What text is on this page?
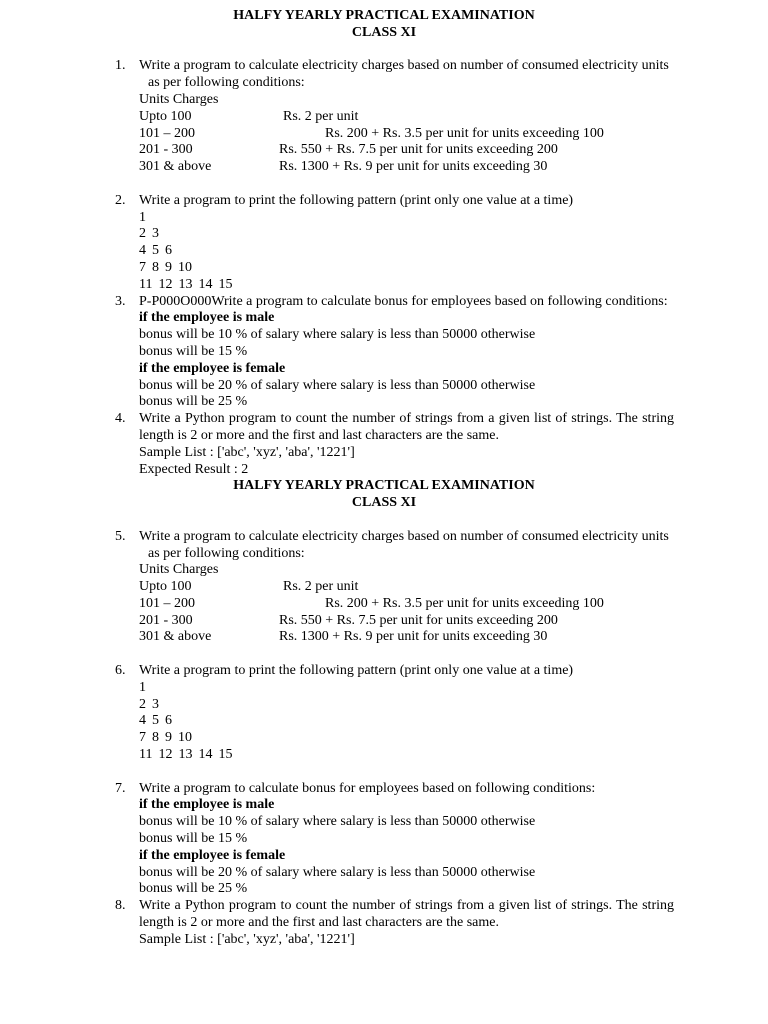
HALFY YEARLY PRACTICAL EXAMINATION
CLASS XI
1. Write a program to calculate electricity charges based on number of consumed electricity units
as per following conditions:
Units Charges
Upto 100	Rs. 2 per unit
101 – 200	Rs. 200 + Rs. 3.5 per unit for units exceeding 100
201 - 300	Rs. 550 + Rs. 7.5 per unit for units exceeding 200
301 & above	Rs. 1300 + Rs. 9 per unit for units exceeding 30
2. Write a program to print the following pattern (print only one value at a time)
1
2 3
4 5 6
7 8 9 10
11 12 13 14 15
3. P-P000O000Write a program to calculate bonus for employees based on following conditions:
if the employee is male
bonus will be 10 % of salary where salary is less than 50000 otherwise
bonus will be 15 %
if the employee is female
bonus will be 20 % of salary where salary is less than 50000 otherwise
bonus will be 25 %
4. Write a Python program to count the number of strings from a given list of strings. The string length is 2 or more and the first and last characters are the same.
Sample List : ['abc', 'xyz', 'aba', '1221']
Expected Result : 2
HALFY YEARLY PRACTICAL EXAMINATION
CLASS XI
5. Write a program to calculate electricity charges based on number of consumed electricity units
as per following conditions:
Units Charges
Upto 100	Rs. 2 per unit
101 – 200	Rs. 200 + Rs. 3.5 per unit for units exceeding 100
201 - 300	Rs. 550 + Rs. 7.5 per unit for units exceeding 200
301 & above	Rs. 1300 + Rs. 9 per unit for units exceeding 30
6. Write a program to print the following pattern (print only one value at a time)
1
2 3
4 5 6
7 8 9 10
11 12 13 14 15
7. Write a program to calculate bonus for employees based on following conditions:
if the employee is male
bonus will be 10 % of salary where salary is less than 50000 otherwise
bonus will be 15 %
if the employee is female
bonus will be 20 % of salary where salary is less than 50000 otherwise
bonus will be 25 %
8. Write a Python program to count the number of strings from a given list of strings. The string length is 2 or more and the first and last characters are the same.
Sample List : ['abc', 'xyz', 'aba', '1221']
